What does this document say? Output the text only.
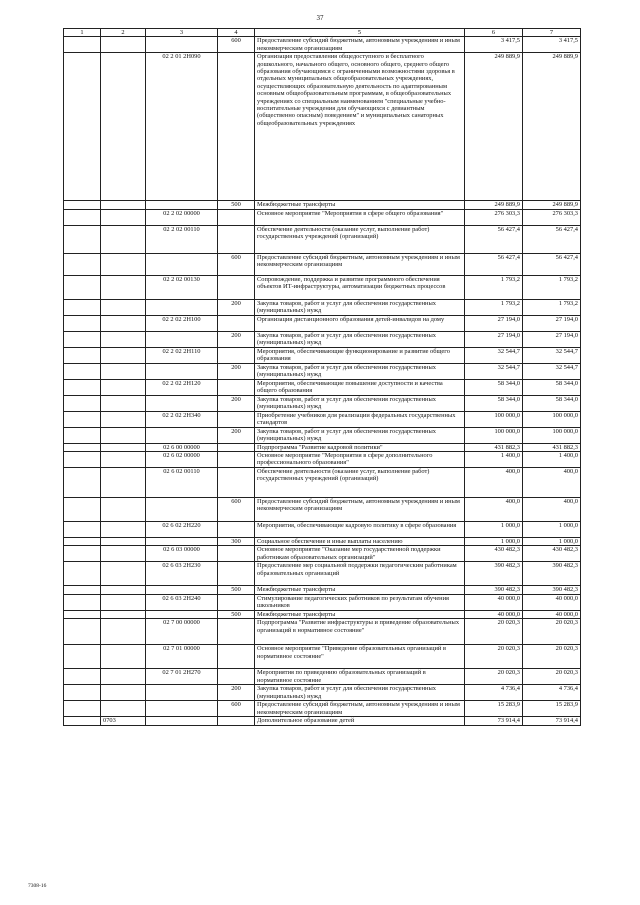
37
1	2	3	4	5	6	7
			600	Предоставление субсидий бюджетным, автономным учреждениям и иным некоммерческим организациям	3 417,5	3 417,5
		02 2 01 2Н090		Организация предоставления общедоступного и бесплатного дошкольного, начального общего, основного общего, среднего общего образования обучающимся с ограниченными возможностями здоровья в отдельных муниципальных общеобразовательных учреждениях, осуществляющих образовательную деятельность по адаптированным основным общеобразовательным программам, в общеобразовательных учреждениях со специальным наименованием "специальные учебно-воспитательные учреждения для обучающихся с девиантным (общественно опасным) поведением" и муниципальных санаторных общеобразовательных учреждениях	249 889,9	249 889,9
			500	Межбюджетные трансферты	249 889,9	249 889,9
		02 2 02 00000		Основное мероприятие "Мероприятия в сфере общего образования"	276 303,3	276 303,3
		02 2 02 00110		Обеспечение деятельности (оказание услуг, выполнение работ) государственных учреждений (организаций)	56 427,4	56 427,4
			600	Предоставление субсидий бюджетным, автономным учреждениям и иным некоммерческим организациям	56 427,4	56 427,4
		02 2 02 00130		Сопровождение, поддержка и развитие программного обеспечения объектов ИТ-инфраструктуры, автоматизации бюджетных процессов	1 793,2	1 793,2
			200	Закупка товаров, работ и услуг для обеспечения государственных (муниципальных) нужд	1 793,2	1 793,2
		02 2 02 2Н100		Организация дистанционного образования детей-инвалидов на дому	27 194,0	27 194,0
			200	Закупка товаров, работ и услуг для обеспечения государственных (муниципальных) нужд	27 194,0	27 194,0
		02 2 02 2Н110		Мероприятия, обеспечивающие функционирование и развитие общего образования	32 544,7	32 544,7
			200	Закупка товаров, работ и услуг для обеспечения государственных (муниципальных) нужд	32 544,7	32 544,7
		02 2 02 2Н120		Мероприятия, обеспечивающие повышение доступности и качества общего образования	58 344,0	58 344,0
			200	Закупка товаров, работ и услуг для обеспечения государственных (муниципальных) нужд	58 344,0	58 344,0
		02 2 02 2Н340		Приобретение учебников для реализации федеральных государственных стандартов	100 000,0	100 000,0
			200	Закупка товаров, работ и услуг для обеспечения государственных (муниципальных) нужд	100 000,0	100 000,0
		02 6 00 00000		Подпрограмма "Развитие кадровой политики"	431 882,3	431 882,3
		02 6 02 00000		Основное мероприятие "Мероприятия в сфере дополнительного профессионального образования"	1 400,0	1 400,0
		02 6 02 00110		Обеспечение деятельности (оказание услуг, выполнение работ) государственных учреждений (организаций)	400,0	400,0
			600	Предоставление субсидий бюджетным, автономным учреждениям и иным некоммерческим организациям	400,0	400,0
		02 6 02 2Н220		Мероприятия, обеспечивающие кадровую политику в сфере образования	1 000,0	1 000,0
			300	Социальное обеспечение и иные выплаты населению	1 000,0	1 000,0
		02 6 03 00000		Основное мероприятие "Оказание мер государственной поддержки работникам образовательных организаций"	430 482,3	430 482,3
		02 6 03 2Н230		Предоставление мер социальной поддержки педагогическим работникам образовательных организаций	390 482,3	390 482,3
			500	Межбюджетные трансферты	390 482,3	390 482,3
		02 6 03 2Н240		Стимулирование педагогических работников по результатам обучения школьников	40 000,0	40 000,0
			500	Межбюджетные трансферты	40 000,0	40 000,0
		02 7 00 00000		Подпрограмма "Развитие инфраструктуры и приведение образовательных организаций в нормативное состояние"	20 020,3	20 020,3
		02 7 01 00000		Основное мероприятие "Приведение образовательных организаций в нормативное состояние"	20 020,3	20 020,3
		02 7 01 2Н270		Мероприятия по приведению образовательных организаций в нормативное состояние	20 020,3	20 020,3
			200	Закупка товаров, работ и услуг для обеспечения государственных (муниципальных) нужд	4 736,4	4 736,4
			600	Предоставление субсидий бюджетным, автономным учреждениям и иным некоммерческим организациям	15 283,9	15 283,9
	0703			Дополнительное образование детей	73 914,4	73 914,4
7308-16
